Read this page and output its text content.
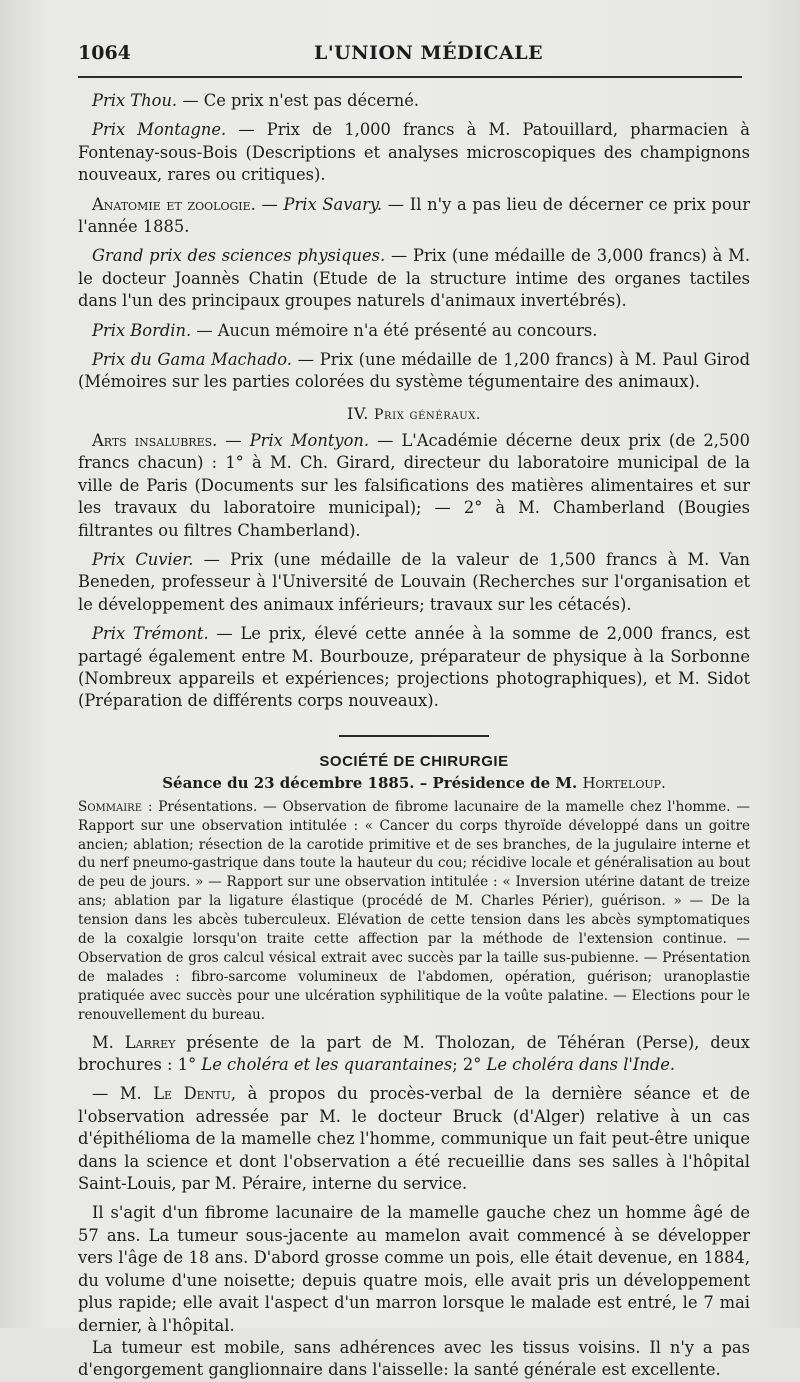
1064	L'UNION MÉDICALE

Prix Thou. — Ce prix n'est pas décerné.

Prix Montagne. — Prix de 1,000 francs à M. Patouillard, pharmacien à Fontenay-sous-Bois (Descriptions et analyses microscopiques des champignons nouveaux, rares ou critiques).

Anatomie et zoologie. — Prix Savary. — Il n'y a pas lieu de décerner ce prix pour l'année 1885.

Grand prix des sciences physiques. — Prix (une médaille de 3,000 francs) à M. le docteur Joannès Chatin (Etude de la structure intime des organes tactiles dans l'un des principaux groupes naturels d'animaux invertébrés).

Prix Bordin. — Aucun mémoire n'a été présenté au concours.

Prix du Gama Machado. — Prix (une médaille de 1,200 francs) à M. Paul Girod (Mémoires sur les parties colorées du système tégumentaire des animaux).

IV. Prix généraux.

Arts insalubres. — Prix Montyon. — L'Académie décerne deux prix (de 2,500 francs chacun) : 1° à M. Ch. Girard, directeur du laboratoire municipal de la ville de Paris (Documents sur les falsifications des matières alimentaires et sur les travaux du laboratoire municipal); — 2° à M. Chamberland (Bougies filtrantes ou filtres Chamberland).

Prix Cuvier. — Prix (une médaille de la valeur de 1,500 francs à M. Van Beneden, professeur à l'Université de Louvain (Recherches sur l'organisation et le développement des animaux inférieurs; travaux sur les cétacés).

Prix Trémont. — Le prix, élevé cette année à la somme de 2,000 francs, est partagé également entre M. Bourbouze, préparateur de physique à la Sorbonne (Nombreux appareils et expériences; projections photographiques), et M. Sidot (Préparation de différents corps nouveaux).

SOCIÉTÉ DE CHIRURGIE
Séance du 23 décembre 1885. – Présidence de M. Horteloup.

Sommaire : Présentations. — Observation de fibrome lacunaire de la mamelle chez l'homme. — Rapport sur une observation intitulée : « Cancer du corps thyroïde développé dans un goitre ancien; ablation; résection de la carotide primitive et de ses branches, de la jugulaire interne et du nerf pneumo-gastrique dans toute la hauteur du cou; récidive locale et généralisation au bout de peu de jours. » — Rapport sur une observation intitulée : « Inversion utérine datant de treize ans; ablation par la ligature élastique (procédé de M. Charles Périer), guérison. » — De la tension dans les abcès tuberculeux. Elévation de cette tension dans les abcès symptomatiques de la coxalgie lorsqu'on traite cette affection par la méthode de l'extension continue. — Observation de gros calcul vésical extrait avec succès par la taille sus-pubienne. — Présentation de malades : fibro-sarcome volumineux de l'abdomen, opération, guérison; uranoplastie pratiquée avec succès pour une ulcération syphilitique de la voûte palatine. — Elections pour le renouvellement du bureau.

M. Larrey présente de la part de M. Tholozan, de Téhéran (Perse), deux brochures : 1° Le choléra et les quarantaines; 2° Le choléra dans l'Inde.

— M. Le Dentu, à propos du procès-verbal de la dernière séance et de l'observation adressée par M. le docteur Bruck (d'Alger) relative à un cas d'épithélioma de la mamelle chez l'homme, communique un fait peut-être unique dans la science et dont l'observation a été recueillie dans ses salles à l'hôpital Saint-Louis, par M. Péraire, interne du service.

Il s'agit d'un fibrome lacunaire de la mamelle gauche chez un homme âgé de 57 ans. La tumeur sous-jacente au mamelon avait commencé à se développer vers l'âge de 18 ans. D'abord grosse comme un pois, elle était devenue, en 1884, du volume d'une noisette; depuis quatre mois, elle avait pris un développement plus rapide; elle avait l'aspect d'un marron lorsque le malade est entré, le 7 mai dernier, à l'hôpital.

La tumeur est mobile, sans adhérences avec les tissus voisins. Il n'y a pas d'engorgement ganglionnaire dans l'aisselle: la santé générale est excellente.
